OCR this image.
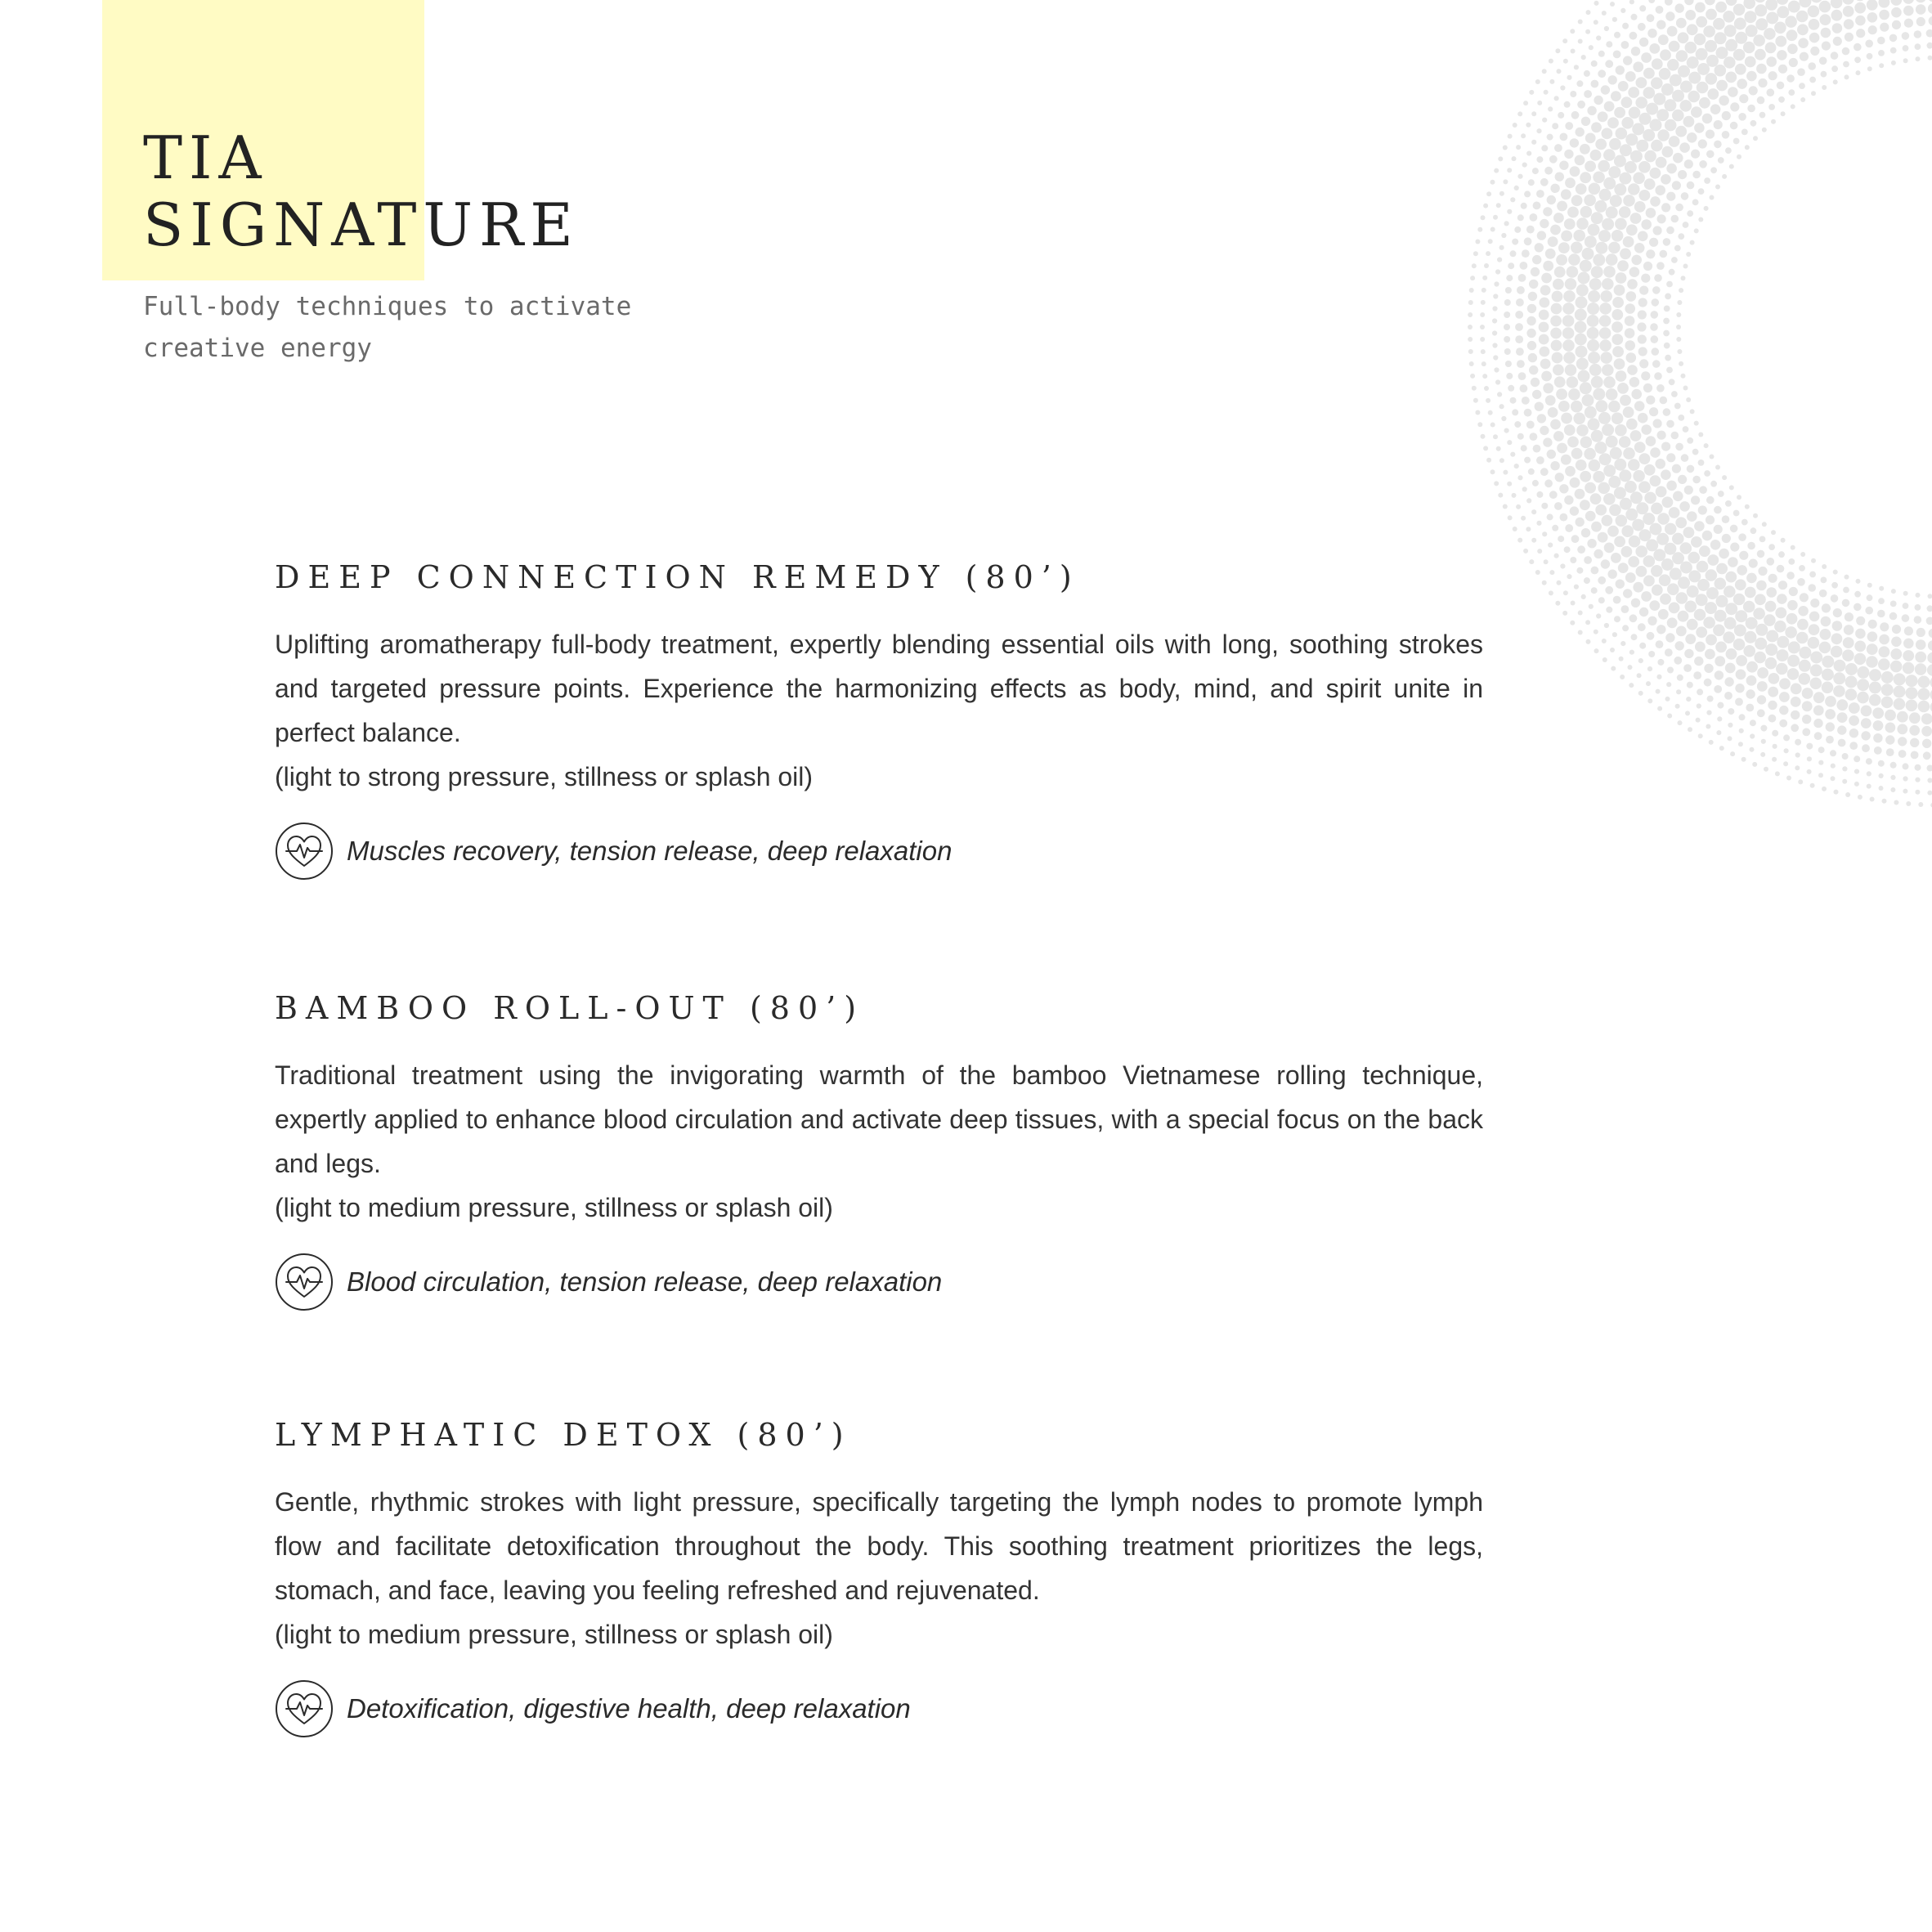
TIA
SIGNATURE

Full-body techniques to activate creative energy

DEEP CONNECTION REMEDY (80’)

Uplifting aromatherapy full-body treatment, expertly blending essential oils with long, soothing strokes and targeted pressure points. Experience the harmonizing effects as body, mind, and spirit unite in perfect balance.

(light to strong pressure, stillness or splash oil)

Muscles recovery, tension release, deep relaxation
BAMBOO ROLL-OUT (80’)

Traditional treatment using the invigorating warmth of the bamboo Vietnamese rolling technique, expertly applied to enhance blood circulation and activate deep tissues, with a special focus on the back and legs.

(light to medium pressure, stillness or splash oil)

Blood circulation, tension release, deep relaxation
LYMPHATIC DETOX (80’)

Gentle, rhythmic strokes with light pressure, specifically targeting the lymph nodes to promote lymph flow and facilitate detoxification throughout the body. This soothing treatment prioritizes the legs, stomach, and face, leaving you feeling refreshed and rejuvenated.

(light to medium pressure, stillness or splash oil)

Detoxification, digestive health, deep relaxation
